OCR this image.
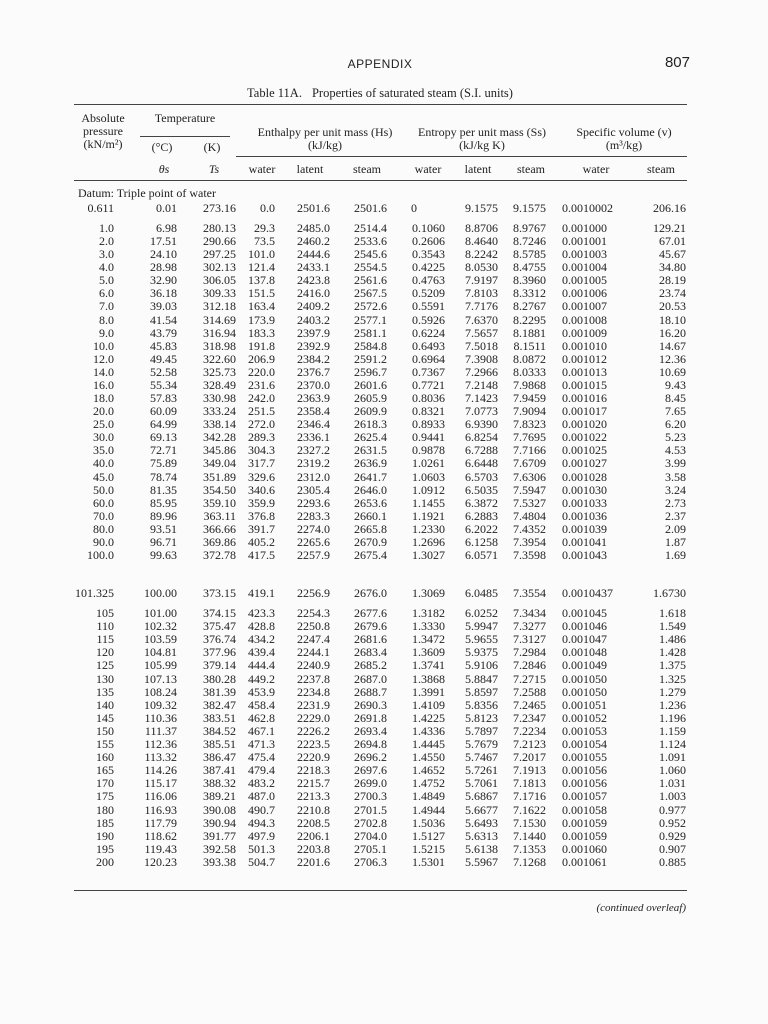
APPENDIX	807
Table 11A. Properties of saturated steam (S.I. units)
Absolute
pressure
(kN/m²)
Temperature
(°C)	(K)
Enthalpy per unit mass (Hs)
(kJ/kg)
Entropy per unit mass (Ss)
(kJ/kg K)
Specific volume (v)
(m³/kg)
θs	Ts	water	latent	steam	water	latent	steam	water	steam
Datum: Triple point of water
0.611	0.01 273.16 0.0 2501.6 2501.6 0	9.1575 9.1575 0.0010002	206.16
1.0	6.98 280.13 29.3 2485.0 2514.4 0.1060 8.8706 8.9767 0.001000	129.21
2.0	17.51 290.66 73.5 2460.2 2533.6 0.2606 8.4640 8.7246 0.001001	67.01
3.0	24.10 297.25 101.0 2444.6 2545.6 0.3543 8.2242 8.5785 0.001003	45.67
4.0	28.98 302.13 121.4 2433.1 2554.5 0.4225 8.0530 8.4755 0.001004	34.80
5.0	32.90 306.05 137.8 2423.8 2561.6 0.4763 7.9197 8.3960 0.001005	28.19
6.0	36.18 309.33 151.5 2416.0 2567.5 0.5209 7.8103 8.3312 0.001006	23.74
7.0	39.03 312.18 163.4 2409.2 2572.6 0.5591 7.7176 8.2767 0.001007	20.53
8.0	41.54 314.69 173.9 2403.2 2577.1 0.5926 7.6370 8.2295 0.001008	18.10
9.0	43.79 316.94 183.3 2397.9 2581.1 0.6224 7.5657 8.1881 0.001009	16.20
10.0	45.83 318.98 191.8 2392.9 2584.8 0.6493 7.5018 8.1511 0.001010	14.67
12.0	49.45 322.60 206.9 2384.2 2591.2 0.6964 7.3908 8.0872 0.001012	12.36
14.0	52.58 325.73 220.0 2376.7 2596.7 0.7367 7.2966 8.0333 0.001013	10.69
16.0	55.34 328.49 231.6 2370.0 2601.6 0.7721 7.2148 7.9868 0.001015	9.43
18.0	57.83 330.98 242.0 2363.9 2605.9 0.8036 7.1423 7.9459 0.001016	8.45
20.0	60.09 333.24 251.5 2358.4 2609.9 0.8321 7.0773 7.9094 0.001017	7.65
25.0	64.99 338.14 272.0 2346.4 2618.3 0.8933 6.9390 7.8323 0.001020	6.20
30.0	69.13 342.28 289.3 2336.1 2625.4 0.9441 6.8254 7.7695 0.001022	5.23
35.0	72.71 345.86 304.3 2327.2 2631.5 0.9878 6.7288 7.7166 0.001025	4.53
40.0	75.89 349.04 317.7 2319.2 2636.9 1.0261 6.6448 7.6709 0.001027	3.99
45.0	78.74 351.89 329.6 2312.0 2641.7 1.0603 6.5703 7.6306 0.001028	3.58
50.0	81.35 354.50 340.6 2305.4 2646.0 1.0912 6.5035 7.5947 0.001030	3.24
60.0	85.95 359.10 359.9 2293.6 2653.6 1.1455 6.3872 7.5327 0.001033	2.73
70.0	89.96 363.11 376.8 2283.3 2660.1 1.1921 6.2883 7.4804 0.001036	2.37
80.0	93.51 366.66 391.7 2274.0 2665.8 1.2330 6.2022 7.4352 0.001039	2.09
90.0	96.71 369.86 405.2 2265.6 2670.9 1.2696 6.1258 7.3954 0.001041	1.87
100.0	99.63 372.78 417.5 2257.9 2675.4 1.3027 6.0571 7.3598 0.001043	1.69
101.325	100.00 373.15 419.1 2256.9 2676.0 1.3069 6.0485 7.3554 0.0010437	1.6730
105	101.00 374.15 423.3 2254.3 2677.6 1.3182 6.0252 7.3434 0.001045	1.618
110	102.32 375.47 428.8 2250.8 2679.6 1.3330 5.9947 7.3277 0.001046	1.549
115	103.59 376.74 434.2 2247.4 2681.6 1.3472 5.9655 7.3127 0.001047	1.486
120	104.81 377.96 439.4 2244.1 2683.4 1.3609 5.9375 7.2984 0.001048	1.428
125	105.99 379.14 444.4 2240.9 2685.2 1.3741 5.9106 7.2846 0.001049	1.375
130	107.13 380.28 449.2 2237.8 2687.0 1.3868 5.8847 7.2715 0.001050	1.325
135	108.24 381.39 453.9 2234.8 2688.7 1.3991 5.8597 7.2588 0.001050	1.279
140	109.32 382.47 458.4 2231.9 2690.3 1.4109 5.8356 7.2465 0.001051	1.236
145	110.36 383.51 462.8 2229.0 2691.8 1.4225 5.8123 7.2347 0.001052	1.196
150	111.37 384.52 467.1 2226.2 2693.4 1.4336 5.7897 7.2234 0.001053	1.159
155	112.36 385.51 471.3 2223.5 2694.8 1.4445 5.7679 7.2123 0.001054	1.124
160	113.32 386.47 475.4 2220.9 2696.2 1.4550 5.7467 7.2017 0.001055	1.091
165	114.26 387.41 479.4 2218.3 2697.6 1.4652 5.7261 7.1913 0.001056	1.060
170	115.17 388.32 483.2 2215.7 2699.0 1.4752 5.7061 7.1813 0.001056	1.031
175	116.06 389.21 487.0 2213.3 2700.3 1.4849 5.6867 7.1716 0.001057	1.003
180	116.93 390.08 490.7 2210.8 2701.5 1.4944 5.6677 7.1622 0.001058	0.977
185	117.79 390.94 494.3 2208.5 2702.8 1.5036 5.6493 7.1530 0.001059	0.952
190	118.62 391.77 497.9 2206.1 2704.0 1.5127 5.6313 7.1440 0.001059	0.929
195	119.43 392.58 501.3 2203.8 2705.1 1.5215 5.6138 7.1353 0.001060	0.907
200	120.23 393.38 504.7 2201.6 2706.3 1.5301 5.5967 7.1268 0.001061	0.885
(continued overleaf)
